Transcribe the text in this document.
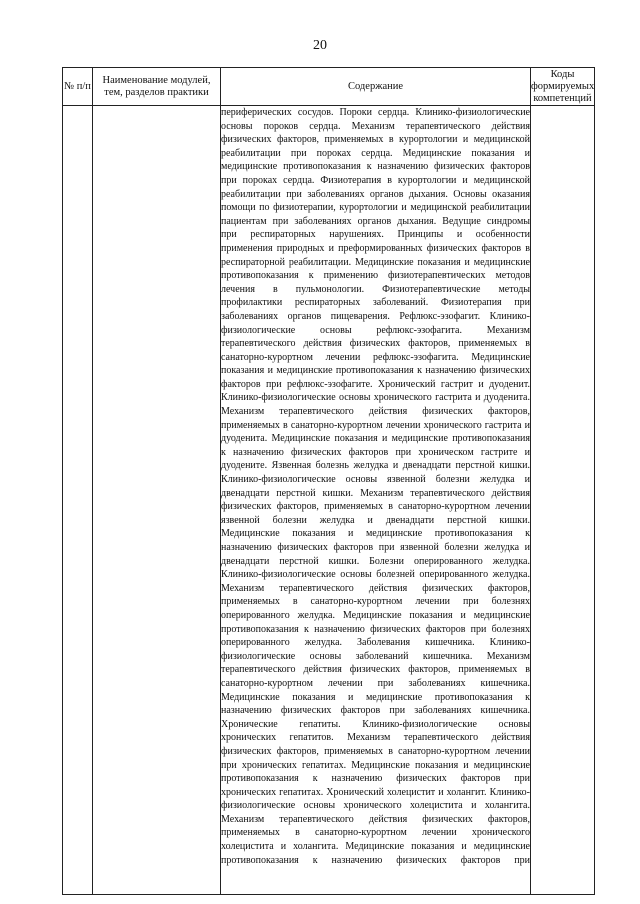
20
№ п/п	Наименование модулей, тем, разделов практики	Содержание	Коды формируемых компетенций

		периферических сосудов. Пороки сердца. Клинико-физиологические основы пороков сердца. Механизм терапевтического действия физических факторов, применяемых в курортологии и медицинской реабилитации при пороках сердца. Медицинские показания и медицинские противопоказания к назначению физических факторов при пороках сердца. Физиотерапия в курортологии и медицинской реабилитации при заболеваниях органов дыхания. Основы оказания помощи по физиотерапии, курортологии и медицинской реабилитации пациентам при заболеваниях органов дыхания. Ведущие синдромы при респираторных нарушениях. Принципы и особенности применения природных и преформированных физических факторов в респираторной реабилитации. Медицинские показания и медицинские противопоказания к применению физиотерапевтических методов лечения в пульмонологии. Физиотерапевтические методы профилактики респираторных заболеваний. Физиотерапия при заболеваниях органов пищеварения. Рефлюкс-эзофагит. Клинико-физиологические основы рефлюкс-эзофагита. Механизм терапевтического действия физических факторов, применяемых в санаторно-курортном лечении рефлюкс-эзофагита. Медицинские показания и медицинские противопоказания к назначению физических факторов при рефлюкс-эзофагите. Хронический гастрит и дуоденит. Клинико-физиологические основы хронического гастрита и дуоденита. Механизм терапевтического действия физических факторов, применяемых в санаторно-курортном лечении хронического гастрита и дуоденита. Медицинские показания и медицинские противопоказания к назначению физических факторов при хроническом гастрите и дуодените. Язвенная болезнь желудка и двенадцати перстной кишки. Клинико-физиологические основы язвенной болезни желудка и двенадцати перстной кишки. Механизм терапевтического действия физических факторов, применяемых в санаторно-курортном лечении язвенной болезни желудка и двенадцати перстной кишки. Медицинские показания и медицинские противопоказания к назначению физических факторов при язвенной болезни желудка и двенадцати перстной кишки. Болезни оперированного желудка. Клинико-физиологические основы болезней оперированного желудка. Механизм терапевтического действия физических факторов, применяемых в санаторно-курортном лечении при болезнях оперированного желудка. Медицинские показания и медицинские противопоказания к назначению физических факторов при болезнях оперированного желудка. Заболевания кишечника. Клинико-физиологические основы заболеваний кишечника. Механизм терапевтического действия физических факторов, применяемых в санаторно-курортном лечении при заболеваниях кишечника. Медицинские показания и медицинские противопоказания к назначению физических факторов при заболеваниях кишечника. Хронические гепатиты. Клинико-физиологические основы хронических гепатитов. Механизм терапевтического действия физических факторов, применяемых в санаторно-курортном лечении при хронических гепатитах. Медицинские показания и медицинские противопоказания к назначению физических факторов при хронических гепатитах. Хронический холецистит и холангит. Клинико-физиологические основы хронического холецистита и холангита. Механизм терапевтического действия физических факторов, применяемых в санаторно-курортном лечении хронического холецистита и холангита. Медицинские показания и медицинские противопоказания к назначению физических факторов при	
